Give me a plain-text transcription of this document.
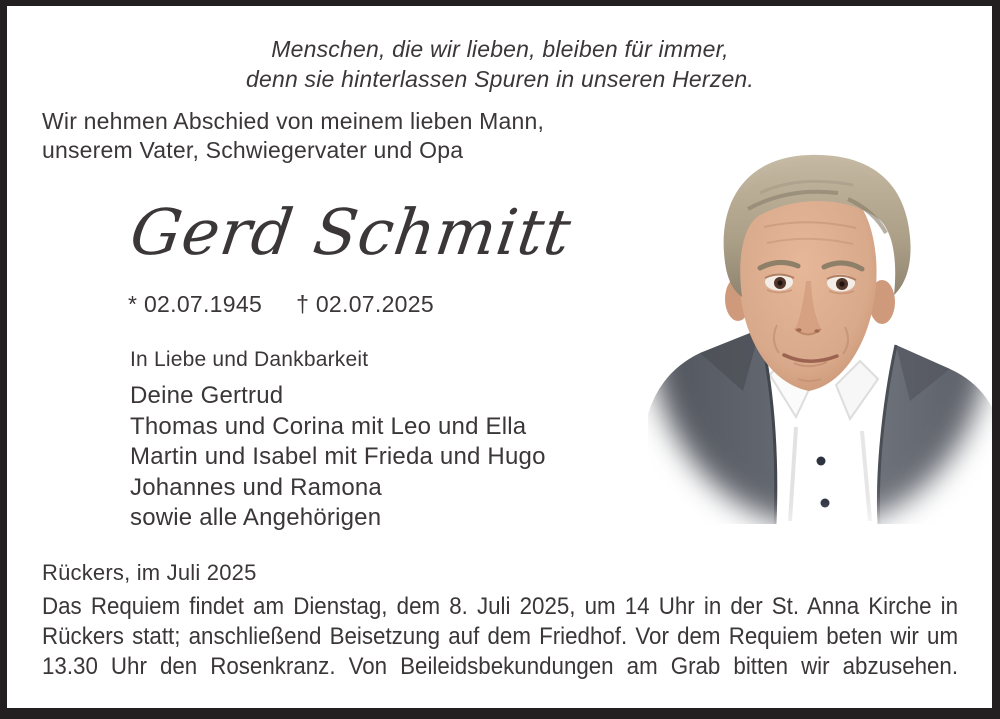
Menschen, die wir lieben, bleiben für immer,
denn sie hinterlassen Spuren in unseren Herzen.
Wir nehmen Abschied von meinem lieben Mann,
unserem Vater, Schwiegervater und Opa
Gerd Schmitt
* 02.07.1945 † 02.07.2025
In Liebe und Dankbarkeit
Deine Gertrud
Thomas und Corina mit Leo und Ella
Martin und Isabel mit Frieda und Hugo
Johannes und Ramona
sowie alle Angehörigen
Rückers, im Juli 2025
Das Requiem findet am Dienstag, dem 8. Juli 2025, um 14 Uhr in der St. Anna Kirche in Rückers statt; anschließend Beisetzung auf dem Friedhof. Vor dem Requiem beten wir um 13.30 Uhr den Rosenkranz. Von Beileidsbekundungen am Grab bitten wir abzusehen.
